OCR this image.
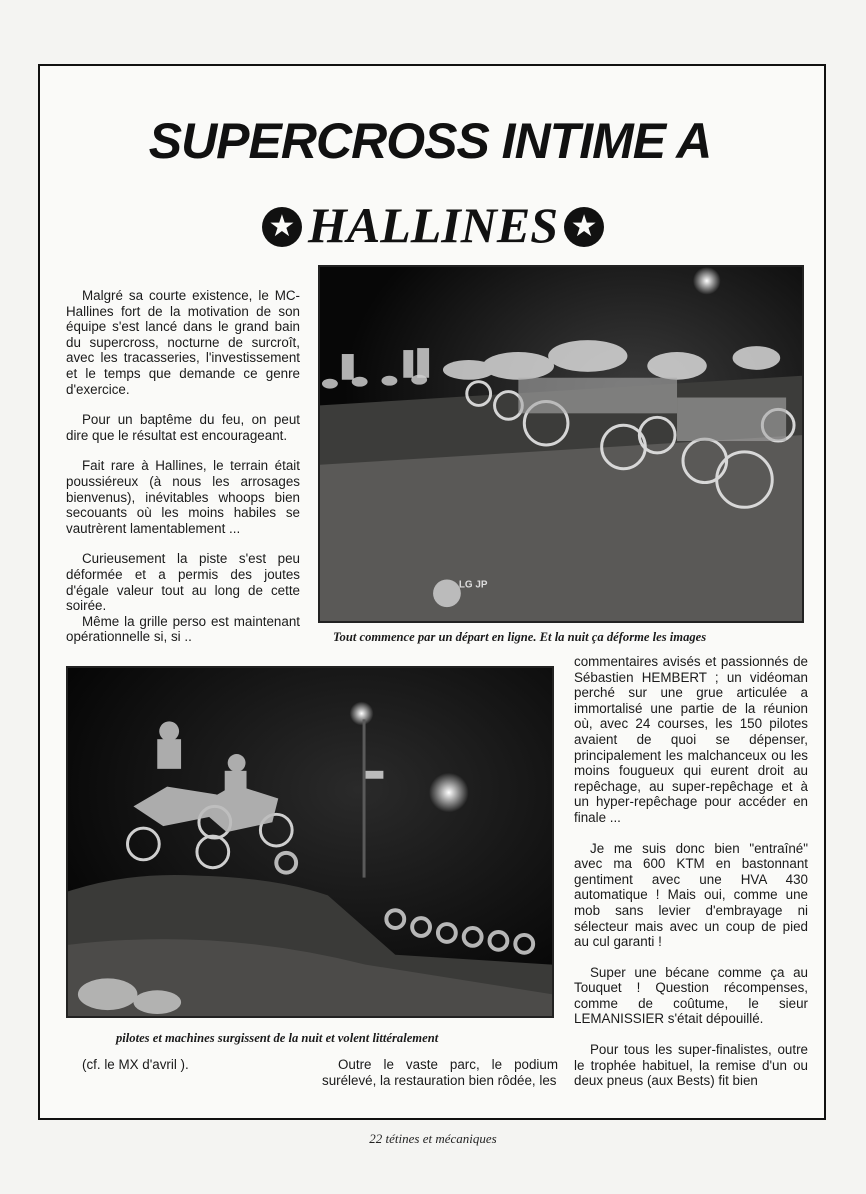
SUPERCROSS INTIME A
★ HALLINES ★

Malgré sa courte existence, le MC-Hallines fort de la motivation de son équipe s'est lancé dans le grand bain du supercross, nocturne de surcroît, avec les tracasseries, l'investissement et le temps que demande ce genre d'exercice.

Pour un baptême du feu, on peut dire que le résultat est encourageant.

Fait rare à Hallines, le terrain était poussiéreux (à nous les arrosages bienvenus), inévitables whoops bien secouants où les moins habiles se vautrèrent lamentablement ...

Curieusement la piste s'est peu déformée et a permis des joutes d'égale valeur tout au long de cette soirée.

Même la grille perso est maintenant opérationnelle si, si ..

LG JP

Tout commence par un départ en ligne. Et la nuit ça déforme les images

pilotes et machines surgissent de la nuit et volent littéralement

commentaires avisés et passionnés de Sébastien HEMBERT ; un vidéoman perché sur une grue articulée a immortalisé une partie de la réunion où, avec 24 courses, les 150 pilotes avaient de quoi se dépenser, principalement les malchanceux ou les moins fougueux qui eurent droit au repêchage, au super-repêchage et à un hyper-repêchage pour accéder en finale ...

Je me suis donc bien "entraîné" avec ma 600 KTM en bastonnant gentiment avec une HVA 430 automatique ! Mais oui, comme une mob sans levier d'embrayage ni sélecteur mais avec un coup de pied au cul garanti !

Super une bécane comme ça au Touquet ! Question récompenses, comme de coûtume, le sieur LEMANISSIER s'était dépouillé.

Pour tous les super-finalistes, outre le trophée habituel, la remise d'un ou deux pneus (aux Bests) fit bien

(cf. le MX d'avril ).	Outre le vaste parc, le podium surélevé, la restauration bien rôdée, les

22 tétines et mécaniques
